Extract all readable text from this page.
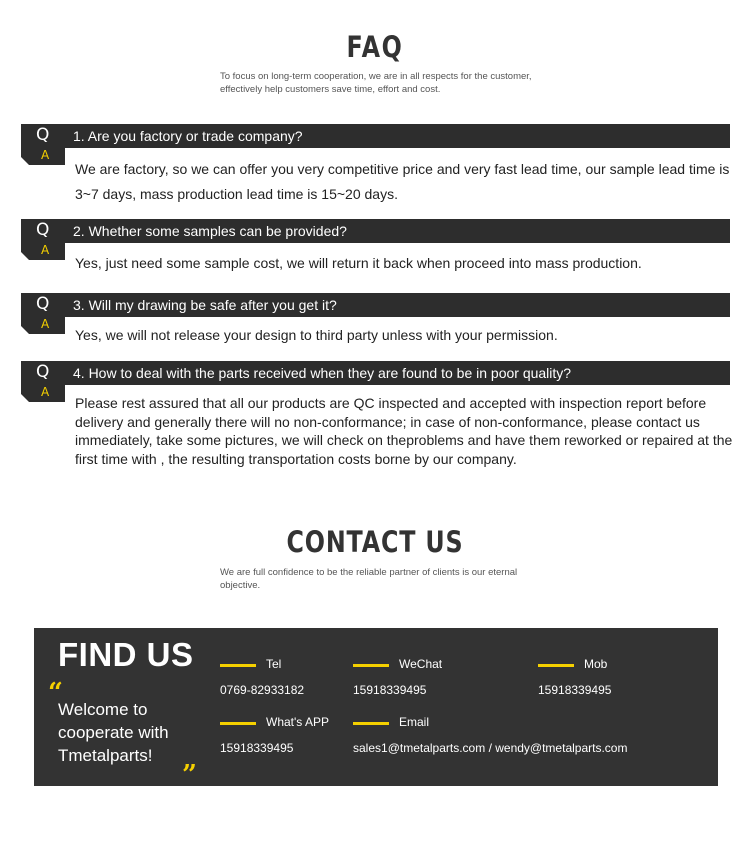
FAQ
To focus on long-term cooperation, we are in all respects for the customer, effectively help customers save time, effort and cost.
Q 1. Are you factory or trade company?
A
We are factory, so we can offer you very competitive price and very fast lead time, our sample lead time is 3~7 days, mass production lead time is 15~20 days.
Q 2. Whether some samples can be provided?
A
Yes, just need some sample cost, we will return it back when proceed into mass production.
Q 3. Will my drawing be safe after you get it?
A
Yes, we will not release your design to third party unless with your permission.
Q 4. How to deal with the parts received when they are found to be in poor quality?
A
Please rest assured that all our products are QC inspected and accepted with inspection report before delivery and generally there will no non-conformance; in case of non-conformance, please contact us immediately, take some pictures, we will check on theproblems and have them reworked or repaired at the first time with , the resulting transportation costs borne by our company.
CONTACT US
We are full confidence to be the reliable partner of clients is our eternal objective.
FIND US
“
Welcome to cooperate with Tmetalparts!
”
Tel
0769-82933182
WeChat
15918339495
Mob
15918339495
What's APP
15918339495
Email
sales1@tmetalparts.com / wendy@tmetalparts.com
